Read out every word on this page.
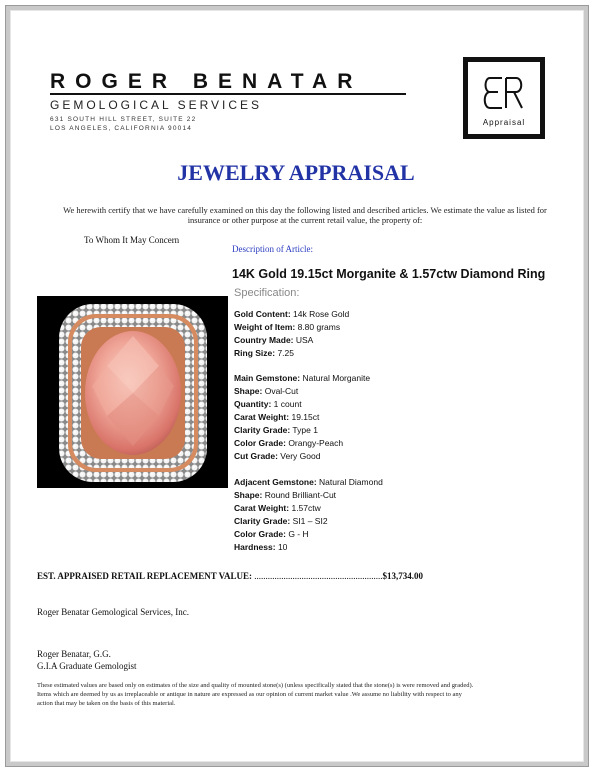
ROGER BENATAR
GEMOLOGICAL SERVICES
631 SOUTH HILL STREET, SUITE 22
LOS ANGELES, CALIFORNIA 90014
Appraisal
JEWELRY APPRAISAL
We herewith certify that we have carefully examined on this day the following listed and described articles. We estimate the value as listed for insurance or other purpose at the current retail value, the property of:
To Whom It May Concern
Description of Article:
14K Gold 19.15ct Morganite & 1.57ctw Diamond Ring
Specification:
Gold Content: 14k Rose Gold
Weight of Item: 8.80 grams
Country Made: USA
Ring Size: 7.25
Main Gemstone: Natural Morganite
Shape: Oval-Cut
Quantity: 1 count
Carat Weight: 19.15ct
Clarity Grade: Type 1
Color Grade: Orangy-Peach
Cut Grade: Very Good
Adjacent Gemstone: Natural Diamond
Shape: Round Brilliant-Cut
Carat Weight: 1.57ctw
Clarity Grade: SI1 – SI2
Color Grade: G - H
Hardness: 10
EST. APPRAISED RETAIL REPLACEMENT VALUE: .........................................................$13,734.00
Roger Benatar Gemological Services, Inc.
Roger Benatar, G.G.
G.I.A Graduate Gemologist
These estimated values are based only on estimates of the size and quality of mounted stone(s) (unless specifically stated that the stone(s) is were removed and graded). Items which are deemed by us as irreplaceable or antique in nature are expressed as our opinion of current market value .We assume no liability with respect to any action that may be taken on the basis of this material.
